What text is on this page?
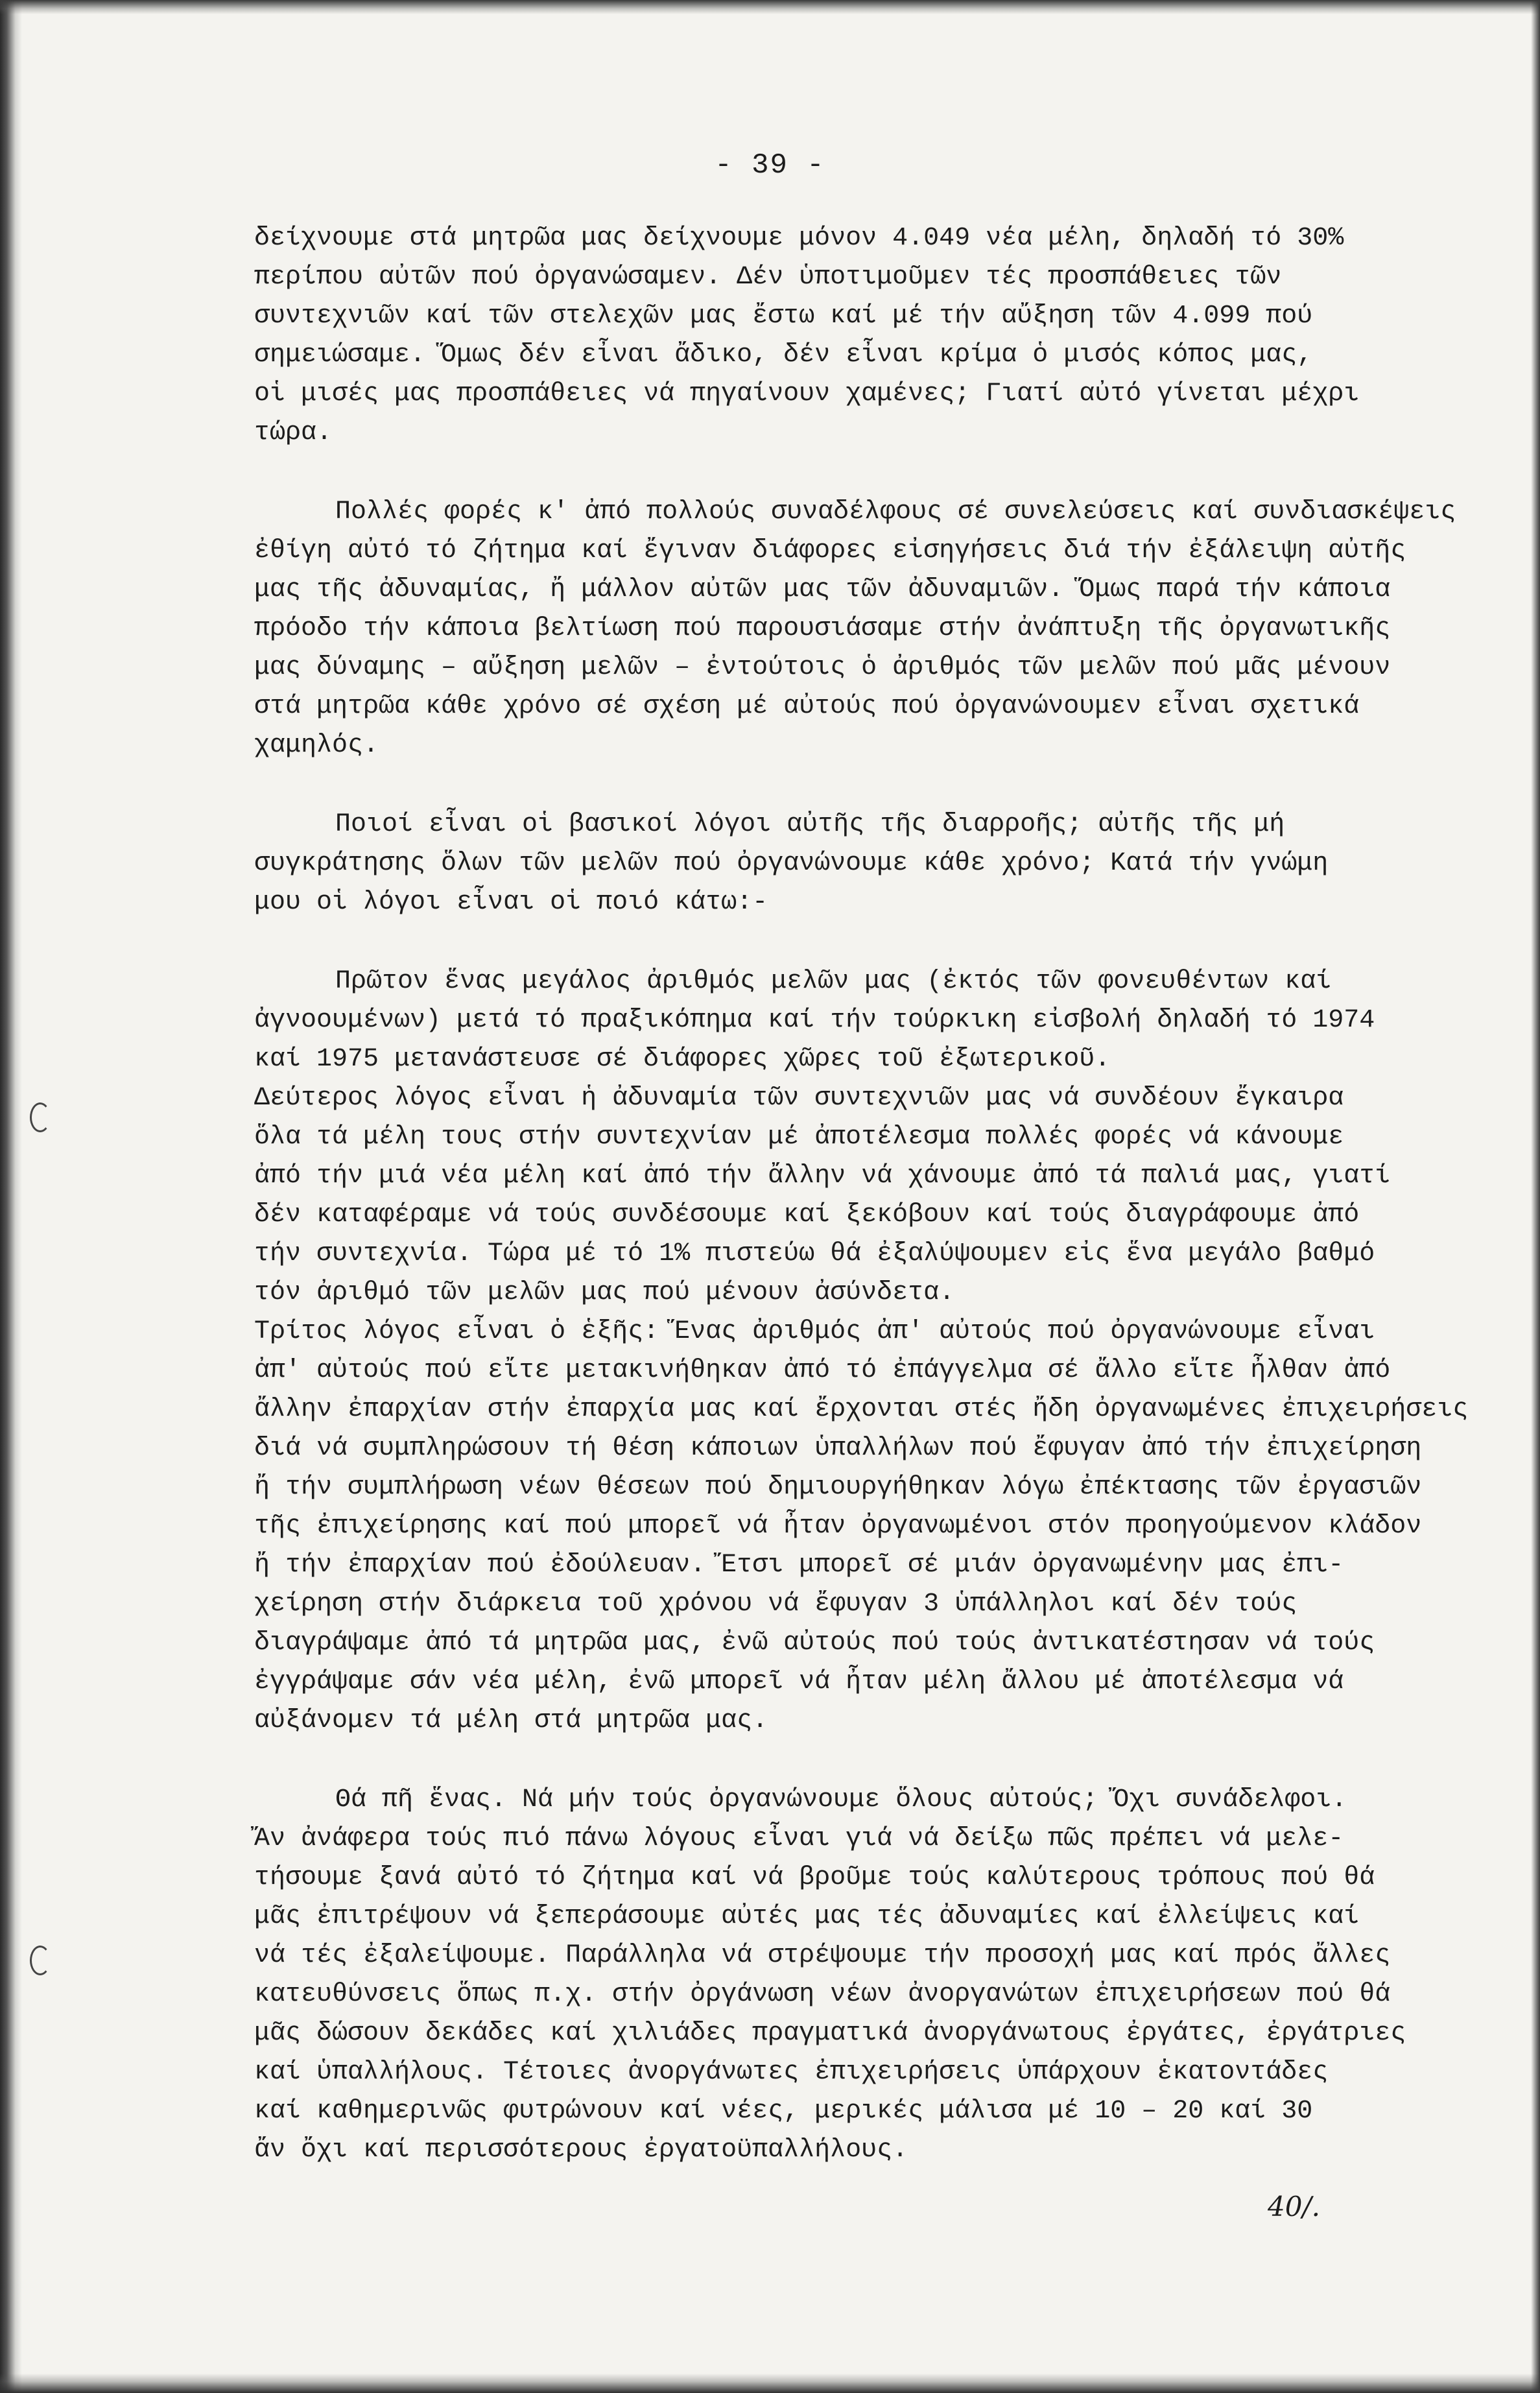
- 39 -
δείχνουμε στά μητρῶα μας δείχνουμε μόνον 4.049 νέα μέλη, δηλαδή τό 30%
περίπου αὐτῶν πού ὀργανώσαμεν. Δέν ὑποτιμοῦμεν τές προσπάθειες τῶν
συντεχνιῶν καί τῶν στελεχῶν μας ἔστω καί μέ τήν αὔξηση τῶν 4.099 πού
σημειώσαμε. Ὅμως δέν εἶναι ἄδικο, δέν εἶναι κρίμα ὁ μισός κόπος μας,
οἱ μισές μας προσπάθειες νά πηγαίνουν χαμένες; Γιατί αὐτό γίνεται μέχρι
τώρα.
Πολλές φορές κ' ἀπό πολλούς συναδέλφους σέ συνελεύσεις καί συνδιασκέψεις
ἐθίγη αὐτό τό ζήτημα καί ἔγιναν διάφορες εἰσηγήσεις διά τήν ἐξάλειψη αὐτῆς
μας τῆς ἀδυναμίας, ἤ μάλλον αὐτῶν μας τῶν ἀδυναμιῶν. Ὅμως παρά τήν κάποια
πρόοδο τήν κάποια βελτίωση πού παρουσιάσαμε στήν ἀνάπτυξη τῆς ὀργανωτικῆς
μας δύναμης – αὔξηση μελῶν – ἐντούτοις ὁ ἀριθμός τῶν μελῶν πού μᾶς μένουν
στά μητρῶα κάθε χρόνο σέ σχέση μέ αὐτούς πού ὀργανώνουμεν εἶναι σχετικά
χαμηλός.
Ποιοί εἶναι οἱ βασικοί λόγοι αὐτῆς τῆς διαρροῆς; αὐτῆς τῆς μή
συγκράτησης ὅλων τῶν μελῶν πού ὀργανώνουμε κάθε χρόνο; Κατά τήν γνώμη
μου οἱ λόγοι εἶναι οἱ ποιό κάτω:-
Πρῶτον ἕνας μεγάλος ἀριθμός μελῶν μας (ἐκτός τῶν φονευθέντων καί
ἀγνοουμένων) μετά τό πραξικόπημα καί τήν τούρκικη εἰσβολή δηλαδή τό 1974
καί 1975 μετανάστευσε σέ διάφορες χῶρες τοῦ ἐξωτερικοῦ.
Δεύτερος λόγος εἶναι ἡ ἀδυναμία τῶν συντεχνιῶν μας νά συνδέουν ἔγκαιρα
ὅλα τά μέλη τους στήν συντεχνίαν μέ ἀποτέλεσμα πολλές φορές νά κάνουμε
ἀπό τήν μιά νέα μέλη καί ἀπό τήν ἄλλην νά χάνουμε ἀπό τά παλιά μας, γιατί
δέν καταφέραμε νά τούς συνδέσουμε καί ξεκόβουν καί τούς διαγράφουμε ἀπό
τήν συντεχνία. Τώρα μέ τό 1% πιστεύω θά ἐξαλύψουμεν εἰς ἕνα μεγάλο βαθμό
τόν ἀριθμό τῶν μελῶν μας πού μένουν ἀσύνδετα.
Τρίτος λόγος εἶναι ὁ ἑξῆς: Ἕνας ἀριθμός ἀπ' αὐτούς πού ὀργανώνουμε εἶναι
ἀπ' αὐτούς πού εἴτε μετακινήθηκαν ἀπό τό ἐπάγγελμα σέ ἄλλο εἴτε ἦλθαν ἀπό
ἄλλην ἐπαρχίαν στήν ἐπαρχία μας καί ἔρχονται στές ἤδη ὀργανωμένες ἐπιχειρήσεις
διά νά συμπληρώσουν τή θέση κάποιων ὑπαλλήλων πού ἔφυγαν ἀπό τήν ἐπιχείρηση
ἤ τήν συμπλήρωση νέων θέσεων πού δημιουργήθηκαν λόγω ἐπέκτασης τῶν ἐργασιῶν
τῆς ἐπιχείρησης καί πού μπορεῖ νά ἦταν ὀργανωμένοι στόν προηγούμενον κλάδον
ἤ τήν ἐπαρχίαν πού ἐδούλευαν. Ἔτσι μπορεῖ σέ μιάν ὀργανωμένην μας ἐπι-
χείρηση στήν διάρκεια τοῦ χρόνου νά ἔφυγαν 3 ὑπάλληλοι καί δέν τούς
διαγράψαμε ἀπό τά μητρῶα μας, ἐνῶ αὐτούς πού τούς ἀντικατέστησαν νά τούς
ἐγγράψαμε σάν νέα μέλη, ἐνῶ μπορεῖ νά ἦταν μέλη ἄλλου μέ ἀποτέλεσμα νά
αὐξάνομεν τά μέλη στά μητρῶα μας.
Θά πῆ ἕνας. Νά μήν τούς ὀργανώνουμε ὅλους αὐτούς; Ὄχι συνάδελφοι.
Ἄν ἀνάφερα τούς πιό πάνω λόγους εἶναι γιά νά δείξω πῶς πρέπει νά μελε-
τήσουμε ξανά αὐτό τό ζήτημα καί νά βροῦμε τούς καλύτερους τρόπους πού θά
μᾶς ἐπιτρέψουν νά ξεπεράσουμε αὐτές μας τές ἀδυναμίες καί ἐλλείψεις καί
νά τές ἐξαλείψουμε. Παράλληλα νά στρέψουμε τήν προσοχή μας καί πρός ἄλλες
κατευθύνσεις ὅπως π.χ. στήν ὀργάνωση νέων ἀνοργανώτων ἐπιχειρήσεων πού θά
μᾶς δώσουν δεκάδες καί χιλιάδες πραγματικά ἀνοργάνωτους ἐργάτες, ἐργάτριες
καί ὑπαλλήλους. Τέτοιες ἀνοργάνωτες ἐπιχειρήσεις ὑπάρχουν ἑκατοντάδες
καί καθημερινῶς φυτρώνουν καί νέες, μερικές μάλισα μέ 10 – 20 καί 30
ἄν ὄχι καί περισσότερους ἐργατοϋπαλλήλους.
40/.
